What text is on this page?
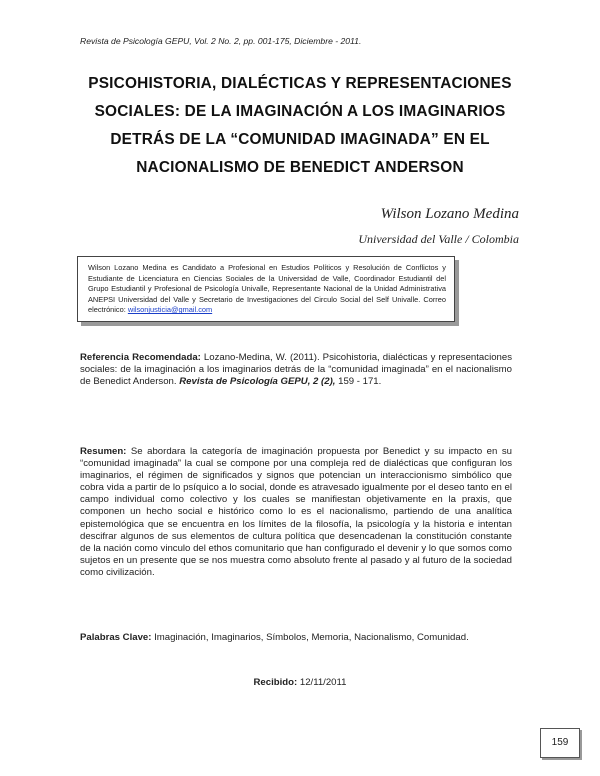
Revista de Psicología GEPU, Vol. 2 No. 2, pp. 001-175, Diciembre - 2011.
PSICOHISTORIA, DIALÉCTICAS Y REPRESENTACIONES
SOCIALES: DE LA IMAGINACIÓN A LOS IMAGINARIOS
DETRÁS DE LA “COMUNIDAD IMAGINADA” EN EL
NACIONALISMO DE BENEDICT ANDERSON
Wilson Lozano Medina
Universidad del Valle / Colombia
Wilson Lozano Medina es Candidato a Profesional en Estudios Políticos y Resolución de Conflictos y Estudiante de Licenciatura en Ciencias Sociales de la Universidad de Valle, Coordinador Estudiantil del Grupo Estudiantil y Profesional de Psicología Univalle, Representante Nacional de la Unidad Administrativa ANEPSI Universidad del Valle y Secretario de Investigaciones del Circulo Social del Self Univalle. Correo electrónico: wilsonjusticia@gmail.com
Referencia Recomendada: Lozano-Medina, W. (2011). Psicohistoria, dialécticas y representaciones sociales: de la imaginación a los imaginarios detrás de la “comunidad imaginada” en el nacionalismo de Benedict Anderson. Revista de Psicología GEPU, 2 (2), 159 - 171.
Resumen: Se abordara la categoría de imaginación propuesta por Benedict y su impacto en su “comunidad imaginada” la cual se compone por una compleja red de dialécticas que configuran los imaginarios, el régimen de significados y signos que potencian un interaccionismo simbólico que cobra vida a partir de lo psíquico a lo social, donde es atravesado igualmente por el deseo tanto en el campo individual como colectivo y los cuales se manifiestan objetivamente en la praxis, que componen un hecho social e histórico como lo es el nacionalismo, partiendo de una analítica epistemológica que se encuentra en los límites de la filosofía, la psicología y la historia e intentan descifrar algunos de sus elementos de cultura política que desencadenan la constitución constante de la nación como vinculo del ethos comunitario que han configurado el devenir y lo que somos como sujetos en un presente que se nos muestra como absoluto frente al pasado y al futuro de la sociedad como civilización.
Palabras Clave: Imaginación, Imaginarios, Símbolos, Memoria, Nacionalismo, Comunidad.
Recibido: 12/11/2011
159
